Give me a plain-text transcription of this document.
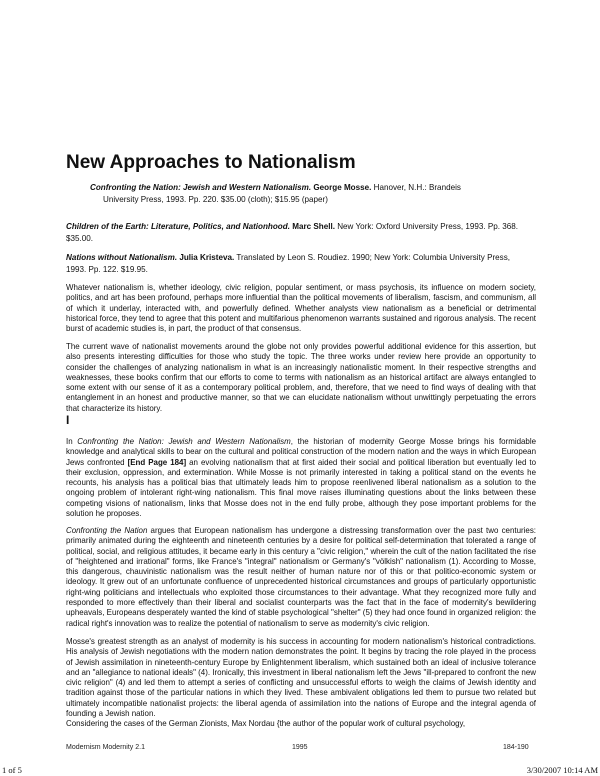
New Approaches to Nationalism

Confronting the Nation: Jewish and Western Nationalism. George Mosse. Hanover, N.H.: Brandeis
University Press, 1993. Pp. 220. $35.00 (cloth); $15.95 (paper)

Children of the Earth: Literature, Politics, and Nationhood. Marc Shell. New York: Oxford University Press, 1993. Pp. 368.
$35.00.

Nations without Nationalism. Julia Kristeva. Translated by Leon S. Roudiez. 1990; New York: Columbia University Press,
1993. Pp. 122. $19.95.

Whatever nationalism is, whether ideology, civic religion, popular sentiment, or mass psychosis, its influence on modern society, politics, and art has been profound, perhaps more influential than the political movements of liberalism, fascism, and communism, all of which it underlay, interacted with, and powerfully defined. Whether analysts view nationalism as a beneficial or detrimental historical force, they tend to agree that this potent and multifarious phenomenon warrants sustained and rigorous analysis. The recent burst of academic studies is, in part, the product of that consensus.

The current wave of nationalist movements around the globe not only provides powerful additional evidence for this assertion, but also presents interesting difficulties for those who study the topic. The three works under review here provide an opportunity to consider the challenges of analyzing nationalism in what is an increasingly nationalistic moment. In their respective strengths and weaknesses, these books confirm that our efforts to come to terms with nationalism as an historical artifact are always entangled to some extent with our sense of it as a contemporary political problem, and, therefore, that we need to find ways of dealing with that entanglement in an honest and productive manner, so that we can elucidate nationalism without unwittingly perpetuating the errors that characterize its history.

I

In Confronting the Nation: Jewish and Western Nationalism, the historian of modernity George Mosse brings his formidable knowledge and analytical skills to bear on the cultural and political construction of the modern nation and the ways in which European Jews confronted [End Page 184] an evolving nationalism that at first aided their social and political liberation but eventually led to their exclusion, oppression, and extermination. While Mosse is not primarily interested in taking a political stand on the events he recounts, his analysis has a political bias that ultimately leads him to propose reenlivened liberal nationalism as a solution to the ongoing problem of intolerant right-wing nationalism. This final move raises illuminating questions about the links between these competing visions of nationalism, links that Mosse does not in the end fully probe, although they pose important problems for the solution he proposes.

Confronting the Nation argues that European nationalism has undergone a distressing transformation over the past two centuries: primarily animated during the eighteenth and nineteenth centuries by a desire for political self-determination that tolerated a range of political, social, and religious attitudes, it became early in this century a "civic religion," wherein the cult of the nation facilitated the rise of "heightened and irrational" forms, like France's "integral" nationalism or Germany's "völkish" nationalism (1). According to Mosse, this dangerous, chauvinistic nationalism was the result neither of human nature nor of this or that politico-economic system or ideology. It grew out of an unfortunate confluence of unprecedented historical circumstances and groups of particularly opportunistic right-wing politicians and intellectuals who exploited those circumstances to their advantage. What they recognized more fully and responded to more effectively than their liberal and socialist counterparts was the fact that in the face of modernity's bewildering upheavals, Europeans desperately wanted the kind of stable psychological "shelter" (5) they had once found in organized religion: the radical right's innovation was to realize the potential of nationalism to serve as modernity's civic religion.

Mosse's greatest strength as an analyst of modernity is his success in accounting for modern nationalism's historical contradictions. His analysis of Jewish negotiations with the modern nation demonstrates the point. It begins by tracing the role played in the process of Jewish assimilation in nineteenth-century Europe by Enlightenment liberalism, which sustained both an ideal of inclusive tolerance and an "allegiance to national ideals" (4). Ironically, this investment in liberal nationalism left the Jews "ill-prepared to confront the new civic religion" (4) and led them to attempt a series of conflicting and unsuccessful efforts to weigh the claims of Jewish identity and tradition against those of the particular nations in which they lived. These ambivalent obligations led them to pursue two related but ultimately incompatible nationalist projects: the liberal agenda of assimilation into the nations of Europe and the integral agenda of founding a Jewish nation.

Considering the cases of the German Zionists, Max Nordau {the author of the popular work of cultural psychology,

Modernism Modernity 2.1	1995	184-190
1 of 5	3/30/2007 10:14 AM
